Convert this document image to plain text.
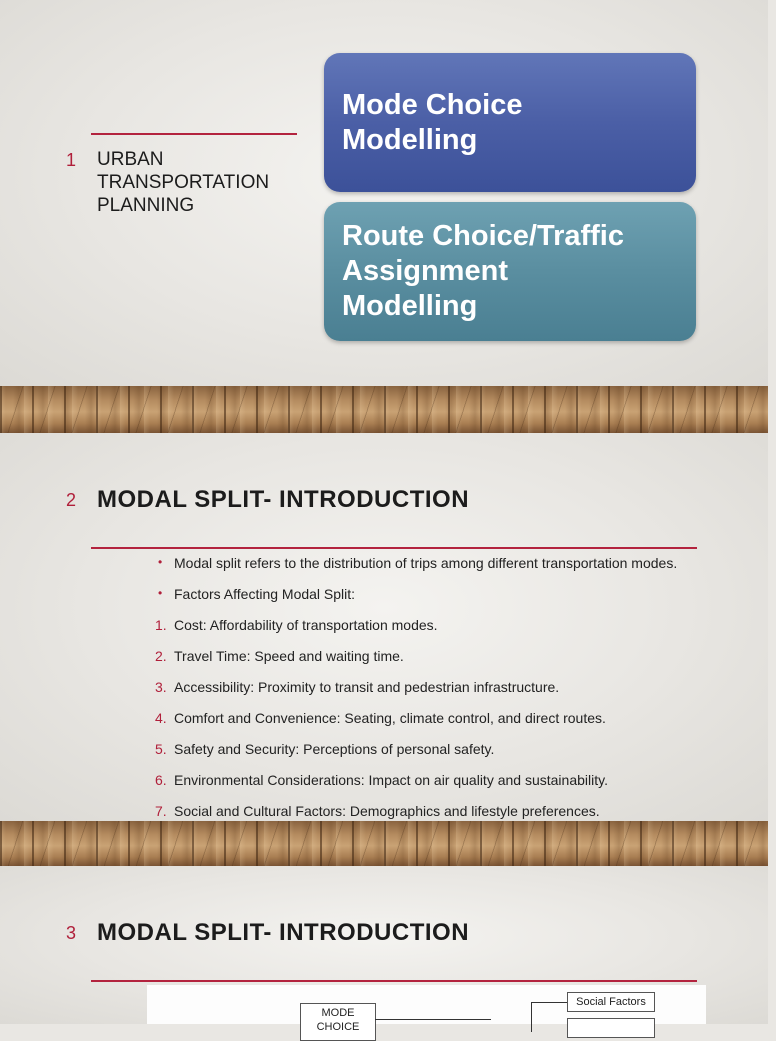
1 URBAN
TRANSPORTATION
PLANNING
Mode Choice
Modelling
Route Choice/Traffic
Assignment
Modelling
2 MODAL SPLIT- INTRODUCTION
• Modal split refers to the distribution of trips among different transportation modes.
• Factors Affecting Modal Split:
1. Cost: Affordability of transportation modes.
2. Travel Time: Speed and waiting time.
3. Accessibility: Proximity to transit and pedestrian infrastructure.
4. Comfort and Convenience: Seating, climate control, and direct routes.
5. Safety and Security: Perceptions of personal safety.
6. Environmental Considerations: Impact on air quality and sustainability.
7. Social and Cultural Factors: Demographics and lifestyle preferences.
3 MODAL SPLIT- INTRODUCTION
MODE
CHOICE
Social Factors
